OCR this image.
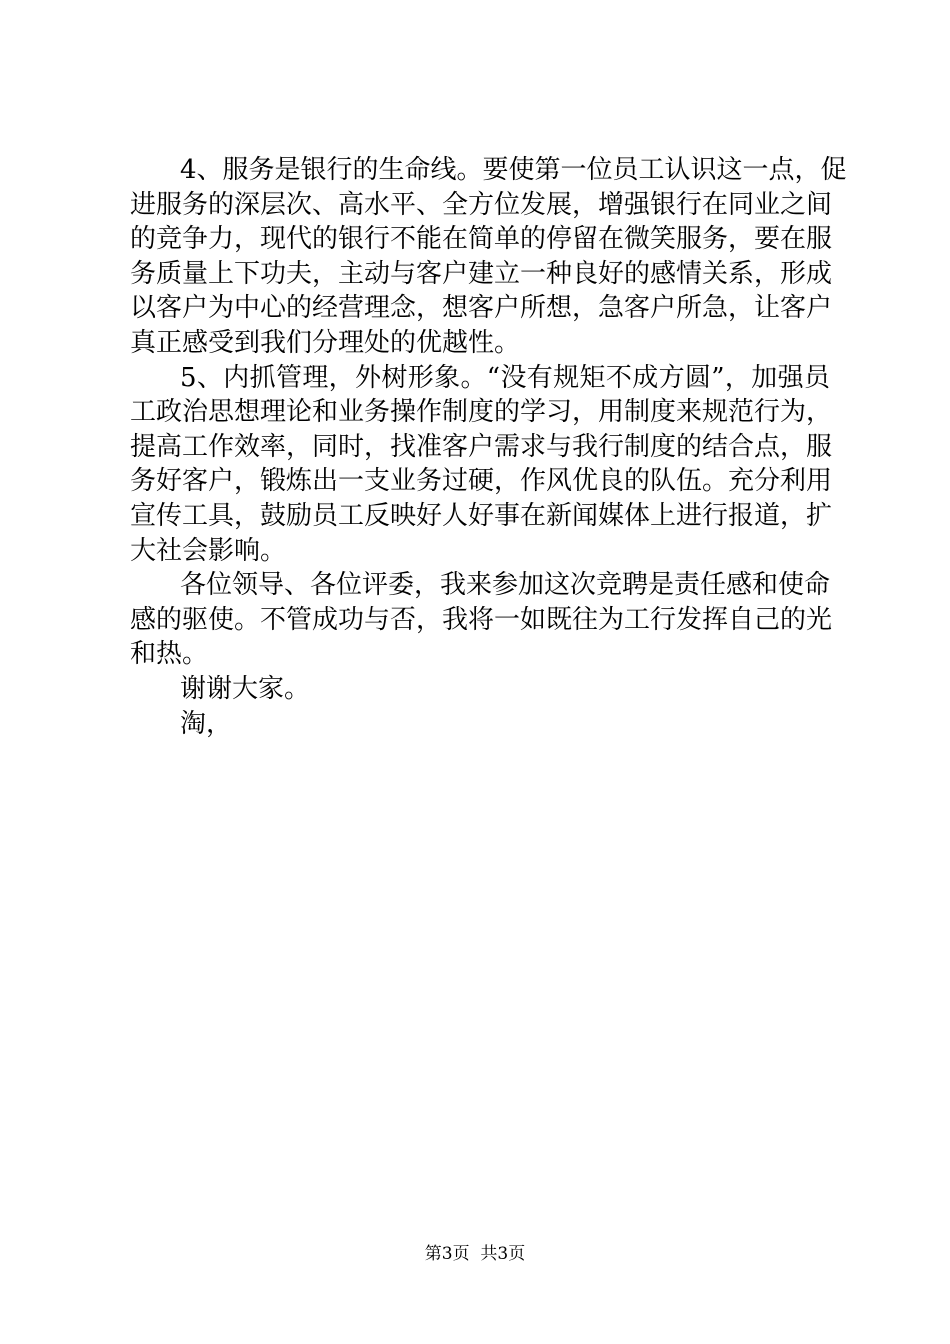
4、服务是银行的生命线。要使第一位员工认识这一点，促
进服务的深层次、高水平、全方位发展，增强银行在同业之间
的竞争力，现代的银行不能在简单的停留在微笑服务，要在服
务质量上下功夫，主动与客户建立一种良好的感情关系，形成
以客户为中心的经营理念，想客户所想，急客户所急，让客户
真正感受到我们分理处的优越性。
5、内抓管理，外树形象。“没有规矩不成方圆”，加强员
工政治思想理论和业务操作制度的学习，用制度来规范行为，
提高工作效率，同时，找准客户需求与我行制度的结合点，服
务好客户，锻炼出一支业务过硬，作风优良的队伍。充分利用
宣传工具，鼓励员工反映好人好事在新闻媒体上进行报道，扩
大社会影响。
各位领导、各位评委，我来参加这次竞聘是责任感和使命
感的驱使。不管成功与否，我将一如既往为工行发挥自己的光
和热。
谢谢大家。
淘，
第3页  共3页
